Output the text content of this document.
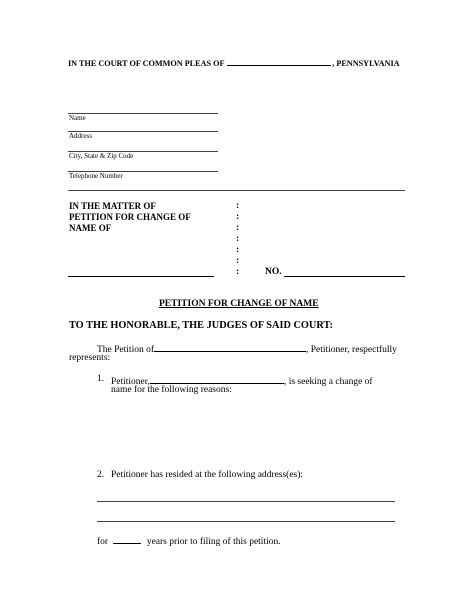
IN THE COURT OF COMMON PLEAS OF	, PENNSYLVANIA
Name
Address
City, State & Zip Code
Telephone Number
IN THE MATTER OF
PETITION FOR CHANGE OF
NAME OF
:
:
:
:
:
:
:	NO.
PETITION FOR CHANGE OF NAME
TO THE HONORABLE, THE JUDGES OF SAID COURT:
The Petition of	, Petitioner, respectfully
represents:
1. Petitioner,	, is seeking a change of
name for the following reasons:
2. Petitioner has resided at the following address(es):
for	years prior to filing of this petition.
